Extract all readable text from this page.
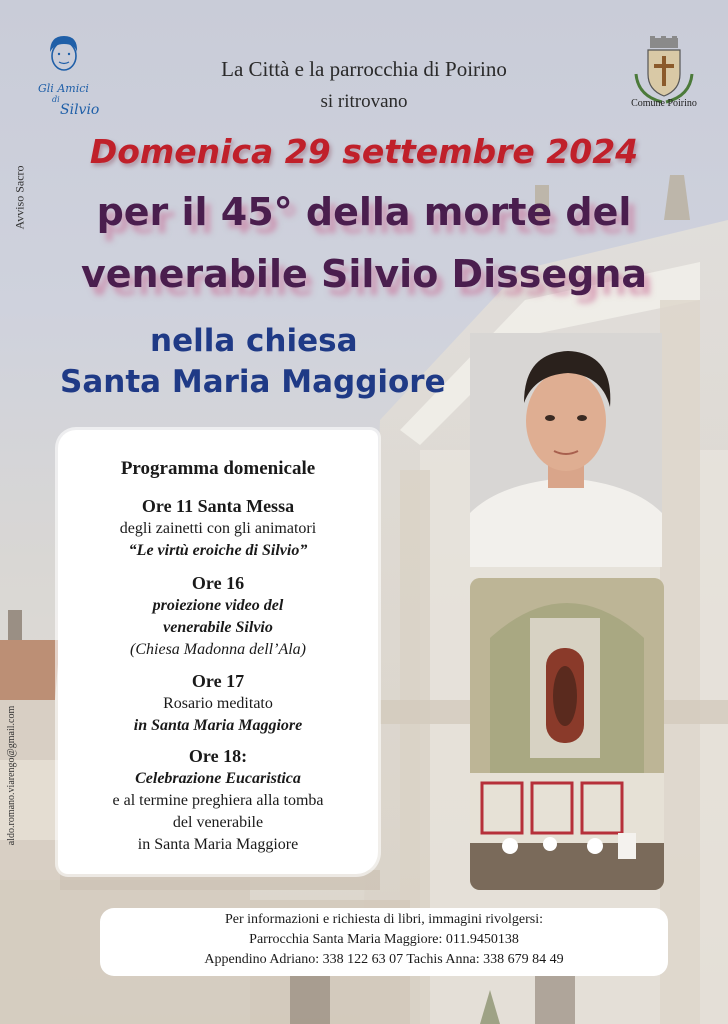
Gli Amici
di
Silvio	Comune Poirino
La Città e la parrocchia di Poirino
si ritrovano
Avviso Sacro
aldo.romano.viarengo@gmail.com
Domenica 29 settembre 2024
per il 45° della morte del
venerabile Silvio Dissegna
nella chiesa
Santa Maria Maggiore
Programma domenicale
Ore 11 Santa Messa
degli zainetti con gli animatori
“Le virtù eroiche di Silvio”
Ore 16
proiezione video del
venerabile Silvio
(Chiesa Madonna dell’Ala)
Ore 17
Rosario meditato
in Santa Maria Maggiore
Ore 18:
Celebrazione Eucaristica
e al termine preghiera alla tomba
del venerabile
in Santa Maria Maggiore
Per informazioni e richiesta di libri, immagini rivolgersi:
Parrocchia Santa Maria Maggiore: 011.9450138
Appendino Adriano: 338 122 63 07 Tachis Anna: 338 679 84 49
